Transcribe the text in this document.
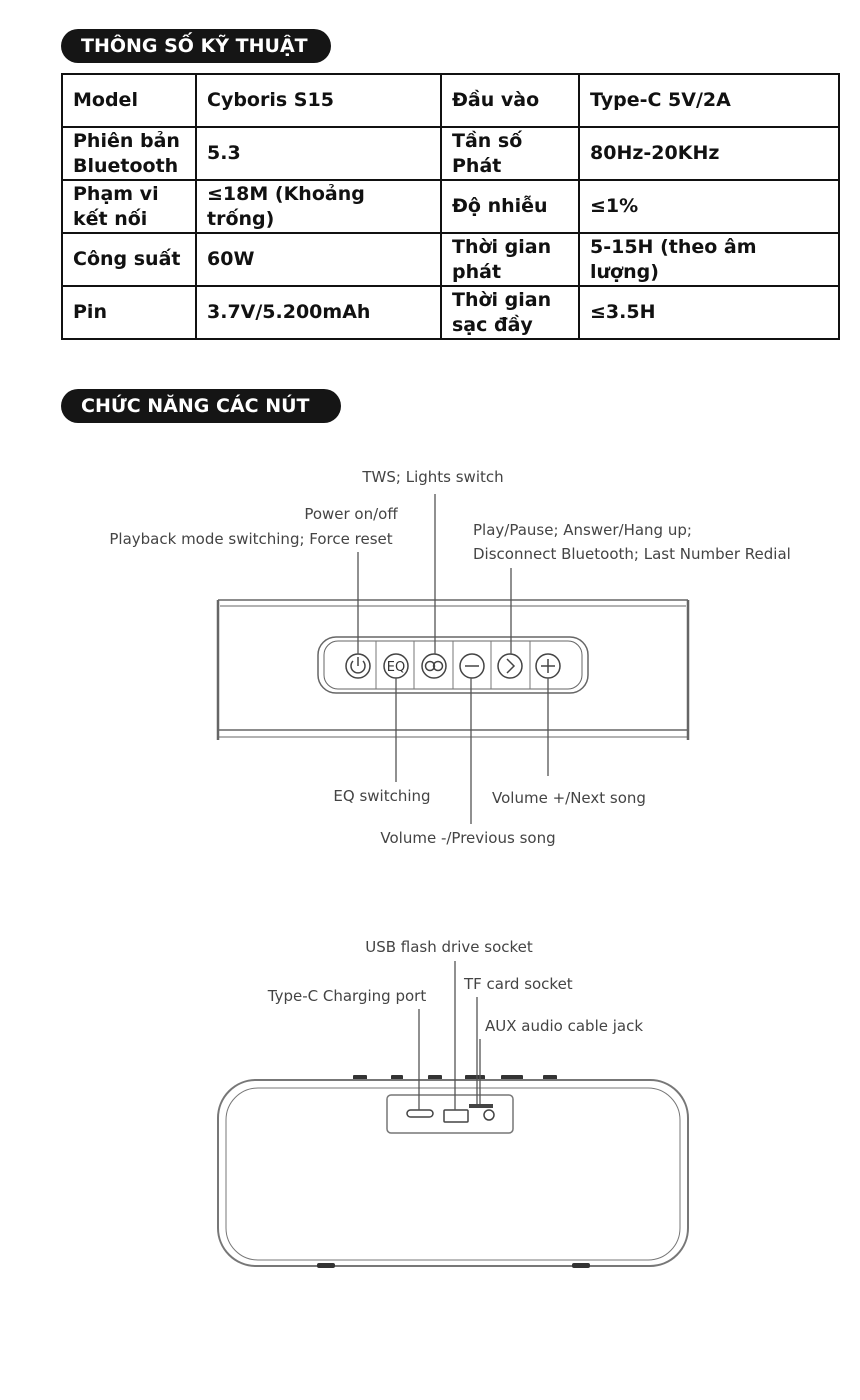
THÔNG SỐ KỸ THUẬT
Model	Cyboris S15	Đầu vào	Type-C 5V/2A
Phiên bản Bluetooth	5.3	Tần số Phát	80Hz-20KHz
Phạm vi kết nối	≤18M (Khoảng trống)	Độ nhiễu	≤1%
Công suất	60W	Thời gian phát	5-15H (theo âm lượng)
Pin	3.7V/5.200mAh	Thời gian sạc đầy	≤3.5H
CHỨC NĂNG CÁC NÚT
TWS; Lights switch
Power on/off
Playback mode switching; Force reset	Play/Pause; Answer/Hang up;
Disconnect Bluetooth; Last Number Redial
EQ switching	Volume +/Next song
Volume -/Previous song
EQ
USB flash drive socket
TF card socket
Type-C Charging port
AUX audio cable jack
